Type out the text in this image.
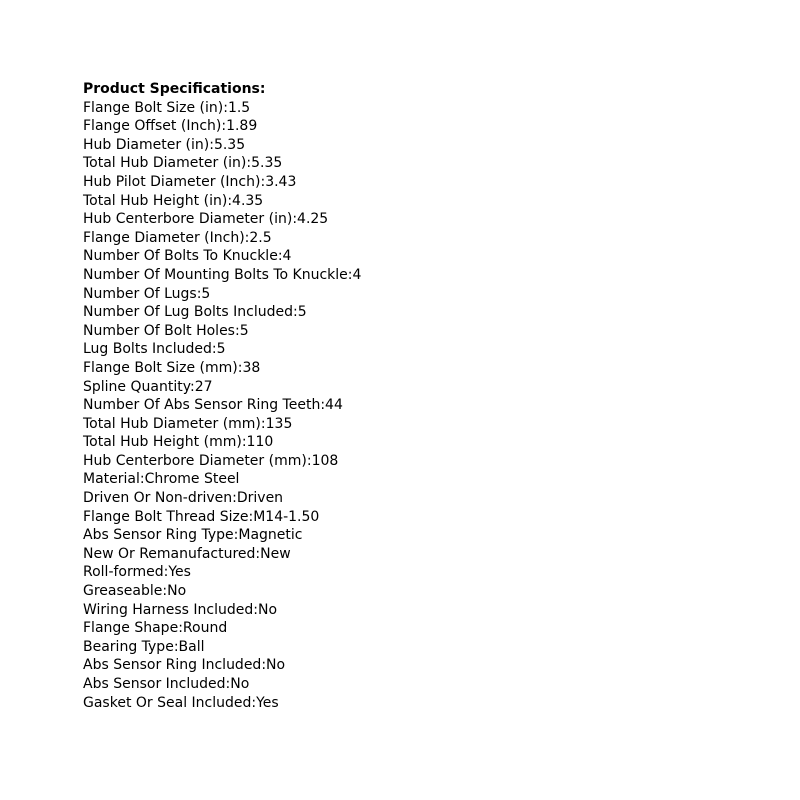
Product Specifications:

Flange Bolt Size (in):1.5
Flange Offset (Inch):1.89
Hub Diameter (in):5.35
Total Hub Diameter (in):5.35
Hub Pilot Diameter (Inch):3.43
Total Hub Height (in):4.35
Hub Centerbore Diameter (in):4.25
Flange Diameter (Inch):2.5
Number Of Bolts To Knuckle:4
Number Of Mounting Bolts To Knuckle:4
Number Of Lugs:5
Number Of Lug Bolts Included:5
Number Of Bolt Holes:5
Lug Bolts Included:5
Flange Bolt Size (mm):38
Spline Quantity:27
Number Of Abs Sensor Ring Teeth:44
Total Hub Diameter (mm):135
Total Hub Height (mm):110
Hub Centerbore Diameter (mm):108
Material:Chrome Steel
Driven Or Non-driven:Driven
Flange Bolt Thread Size:M14-1.50
Abs Sensor Ring Type:Magnetic
New Or Remanufactured:New
Roll-formed:Yes
Greaseable:No
Wiring Harness Included:No
Flange Shape:Round
Bearing Type:Ball
Abs Sensor Ring Included:No
Abs Sensor Included:No
Gasket Or Seal Included:Yes
